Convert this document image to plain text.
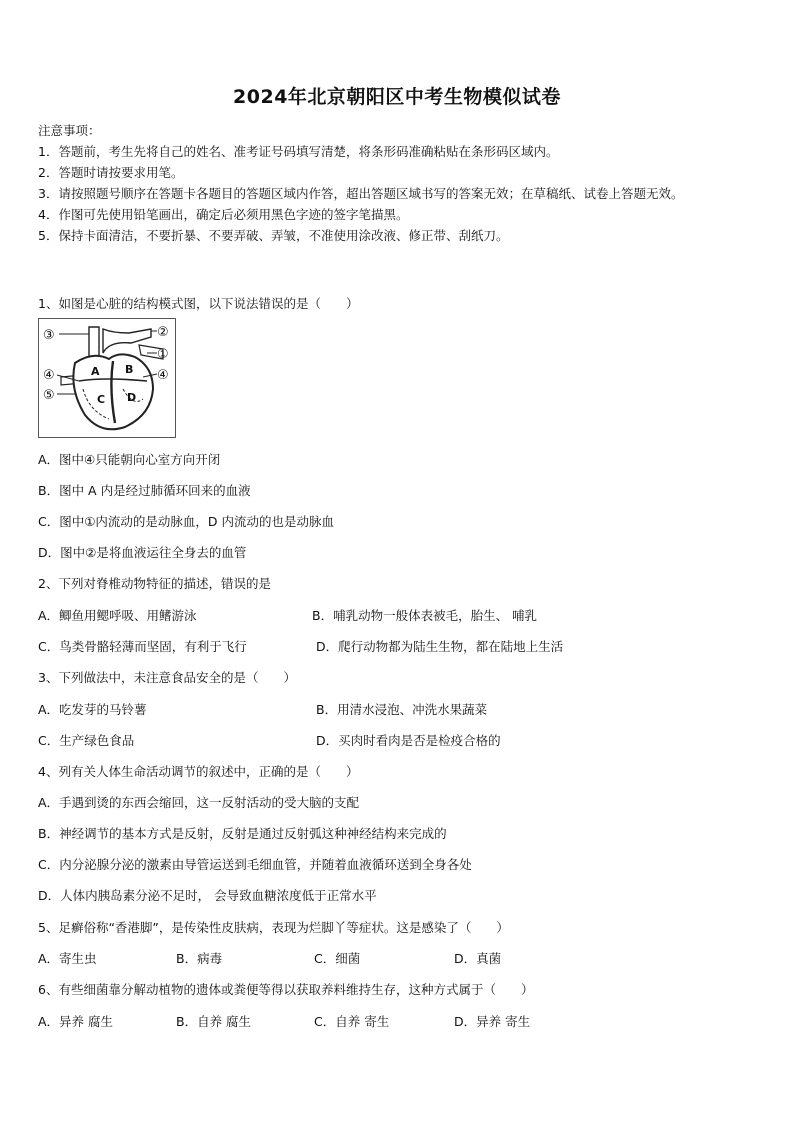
2024年北京朝阳区中考生物模似试卷
注意事项：
1．答题前，考生先将自己的姓名、准考证号码填写清楚，将条形码准确粘贴在条形码区域内。
2．答题时请按要求用笔。
3．请按照题号顺序在答题卡各题目的答题区域内作答，超出答题区域书写的答案无效；在草稿纸、试卷上答题无效。
4．作图可先使用铅笔画出，确定后必须用黑色字迹的签字笔描黑。
5．保持卡面清洁，不要折暴、不要弄破、弄皱，不准使用涂改液、修正带、刮纸刀。
1、如图是心脏的结构模式图，以下说法错误的是（　　）
③	②
①
④	④
⑤
A B
C D
A．图中④只能朝向心室方向开闭
B．图中 A 内是经过肺循环回来的血液
C．图中①内流动的是动脉血，D 内流动的也是动脉血
D．图中②是将血液运往全身去的血管
2、下列对脊椎动物特征的描述，错误的是
A．鲫鱼用鳃呼吸、用鳍游泳	B．哺乳动物一般体表被毛，胎生、 哺乳
C．鸟类骨骼轻薄而坚固，有利于飞行	D．爬行动物都为陆生生物，都在陆地上生活
3、下列做法中，未注意食品安全的是（　　）
A．吃发芽的马铃薯	B．用清水浸泡、冲洗水果蔬菜
C．生产绿色食品	D．买肉时看肉是否是检疫合格的
4、列有关人体生命活动调节的叙述中，正确的是（　　）
A．手遇到烫的东西会缩回，这一反射活动的受大脑的支配
B．神经调节的基本方式是反射，反射是通过反射弧这种神经结构来完成的
C．内分泌腺分泌的激素由导管运送到毛细血管，并随着血液循环送到全身各处
D．人体内胰岛素分泌不足时， 会导致血糖浓度低于正常水平
5、足癣俗称“香港脚”，是传染性皮肤病，表现为烂脚丫等症状。这是感染了（　　）
A．寄生虫	B．病毒	C．细菌	D．真菌
6、有些细菌靠分解动植物的遗体或粪便等得以获取养料维持生存，这种方式属于（　　）
A．异养 腐生	B．自养 腐生	C．自养 寄生	D．异养 寄生
